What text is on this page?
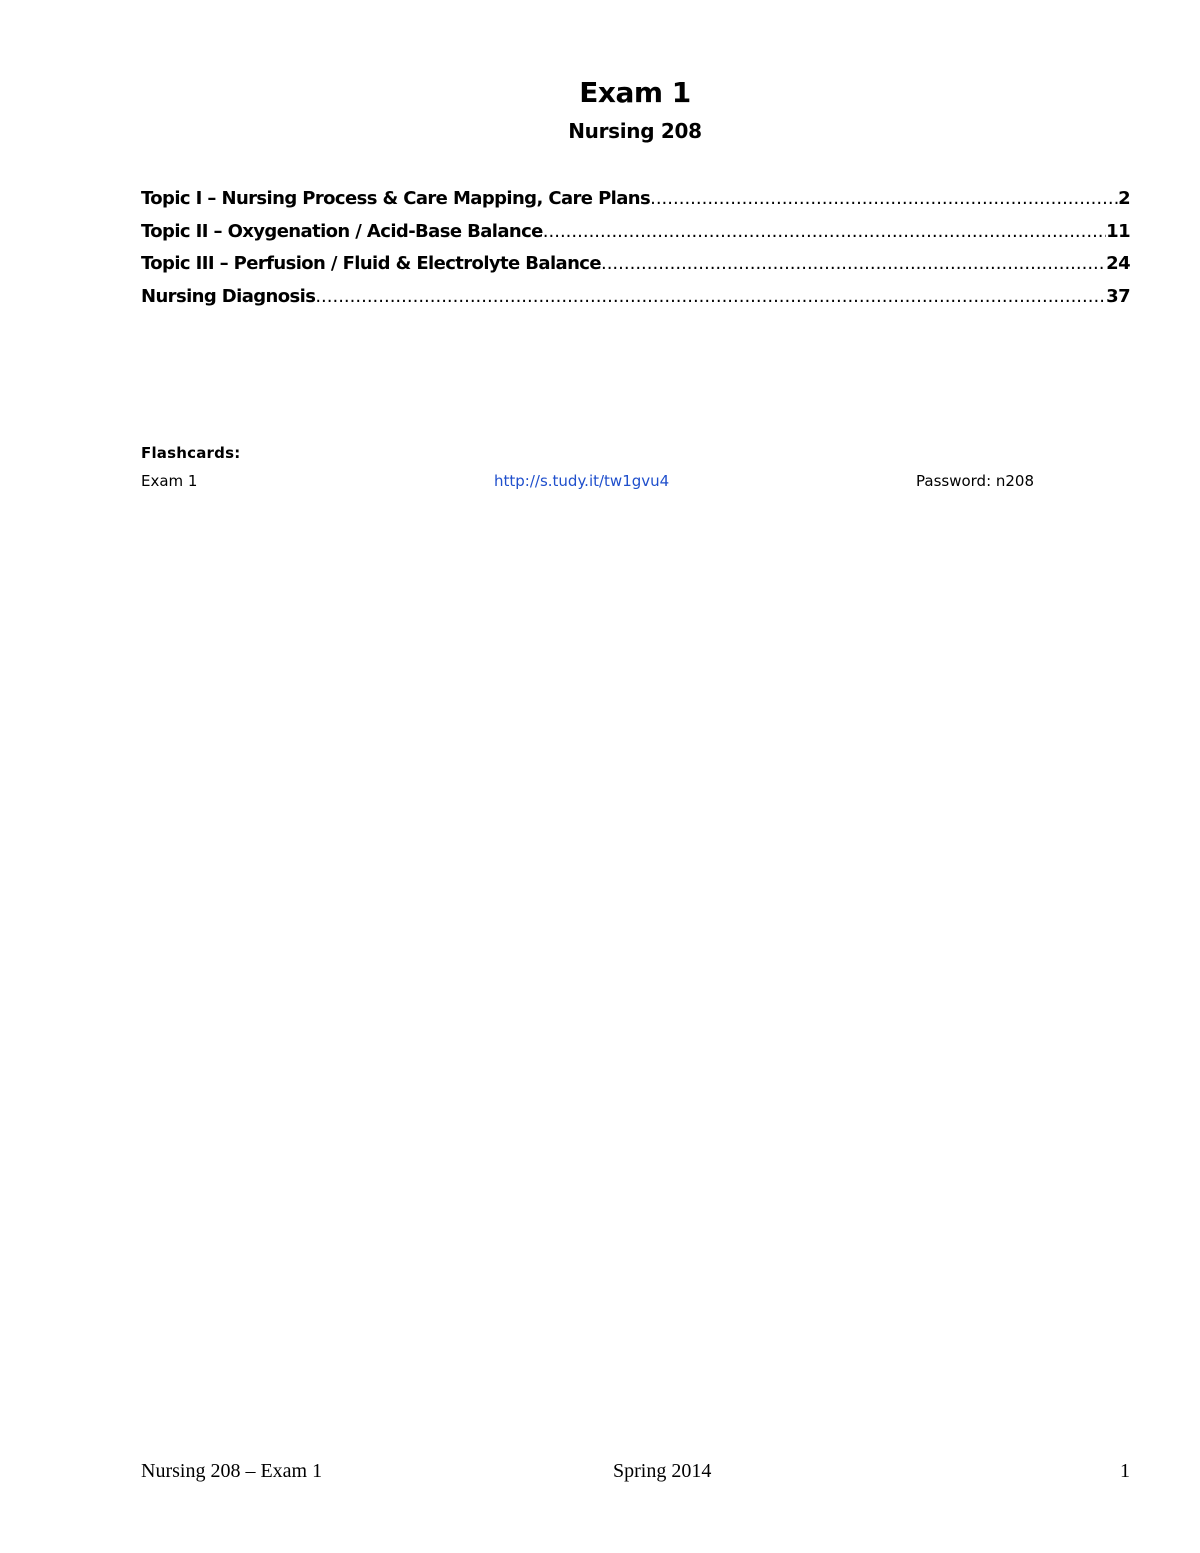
Exam 1
Nursing 208
Topic I – Nursing Process & Care Mapping, Care Plans .....	2
Topic II – Oxygenation / Acid-Base Balance .....	11
Topic III – Perfusion / Fluid & Electrolyte Balance .....	24
Nursing Diagnosis .....	37
Flashcards:
Exam 1	http://s.tudy.it/tw1gvu4	Password: n208
Nursing 208 – Exam 1	Spring 2014	1
